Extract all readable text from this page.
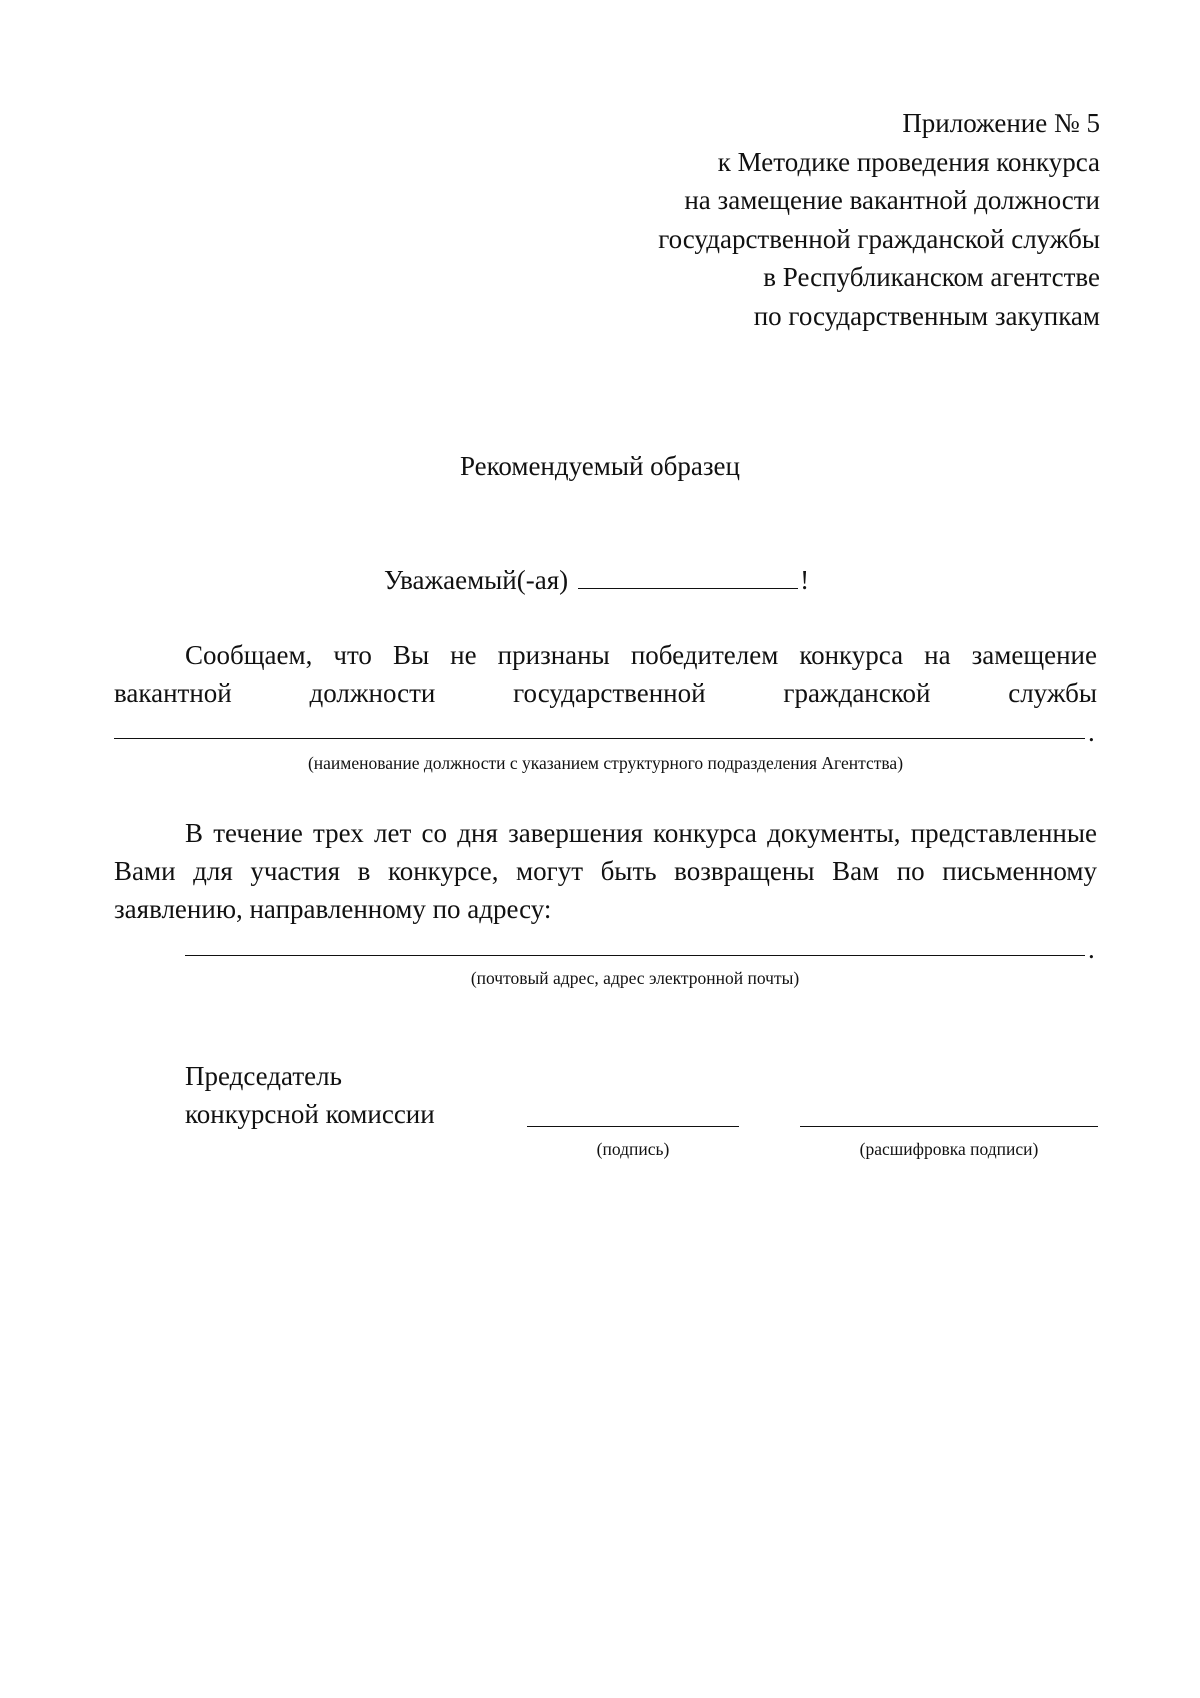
Приложение № 5
к Методике проведения конкурса
на замещение вакантной должности
государственной гражданской службы
в Республиканском агентстве
по государственным закупкам
Рекомендуемый образец
Уважаемый(-ая)	!
Сообщаем, что Вы не признаны победителем конкурса на замещение
вакантной должности государственной гражданской службы
.
(наименование должности с указанием структурного подразделения Агентства)
В течение трех лет со дня завершения конкурса документы, представленные
Вами для участия в конкурсе, могут быть возвращены Вам по письменному
заявлению, направленному по адресу:
.
(почтовый адрес, адрес электронной почты)
Председатель
конкурсной комиссии
(подпись)	(расшифровка подписи)
